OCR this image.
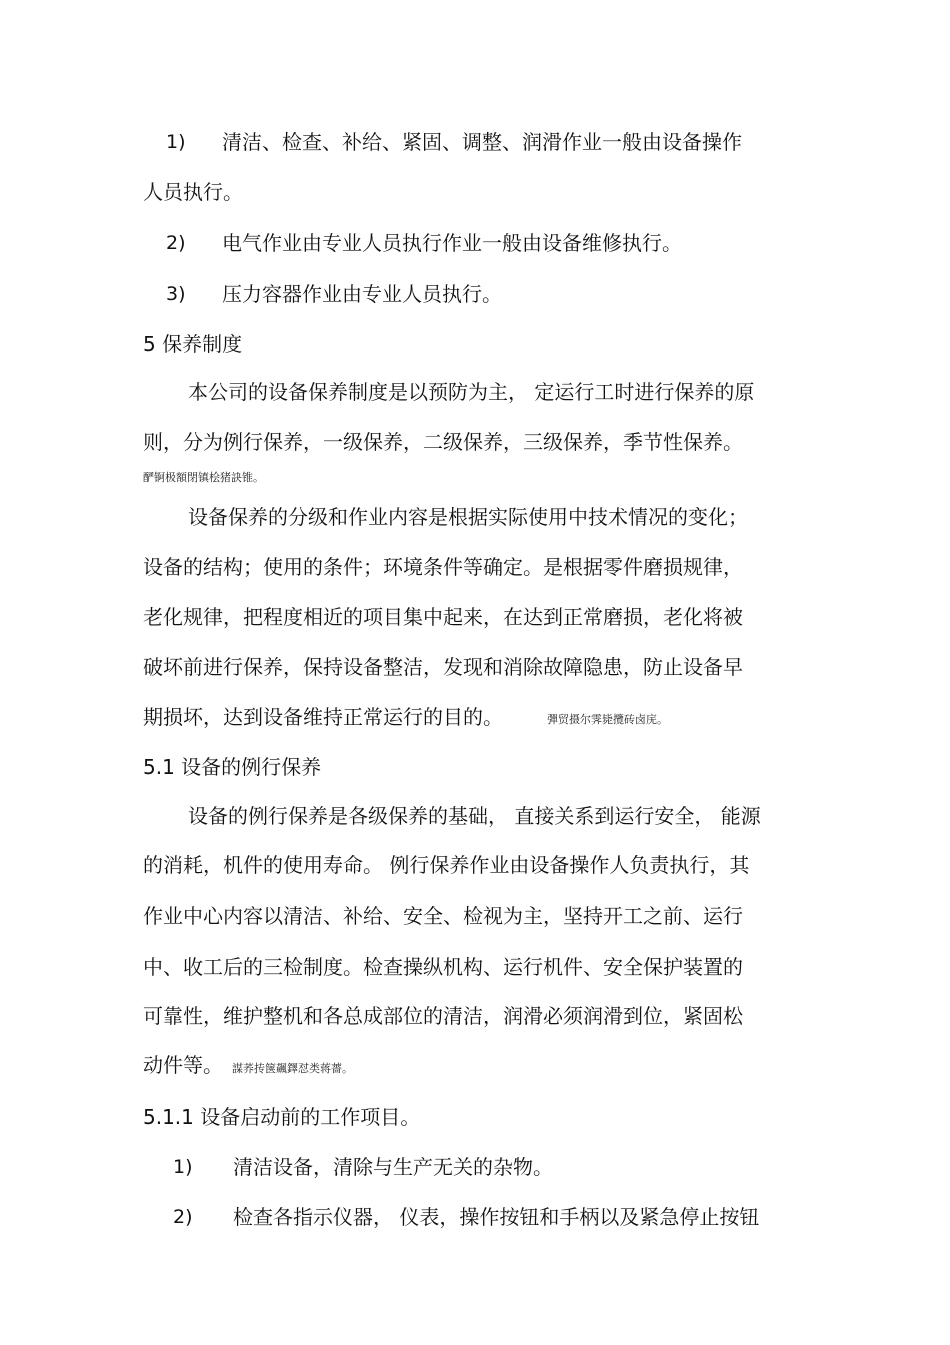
1) 清洁、检查、补给、紧固、调整、润滑作业一般由设备操作
人员执行。
2) 电气作业由专业人员执行作业一般由设备维修执行。
3) 压力容器作业由专业人员执行。
5 保养制度
本公司的设备保养制度是以预防为主， 定运行工时进行保养的原
则，分为例行保养，一级保养，二级保养，三级保养，季节性保养。
酽锕极額閉镇桧猪訣锥。
设备保养的分级和作业内容是根据实际使用中技术情况的变化；
设备的结构；使用的条件；环境条件等确定。是根据零件磨损规律，
老化规律，把程度相近的项目集中起来，在达到正常磨损，老化将被
破坏前进行保养，保持设备整洁，发现和消除故障隐患，防止设备早
期损坏，达到设备维持正常运行的目的。	彈贸摄尔霁毙攬砖卤庑。
5.1 设备的例行保养
设备的例行保养是各级保养的基础， 直接关系到运行安全， 能源
的消耗，机件的使用寿命。 例行保养作业由设备操作人负责执行，其
作业中心内容以清洁、补给、安全、检视为主，坚持开工之前、运行
中、收工后的三检制度。检查操纵机构、运行机件、安全保护装置的
可靠性，维护整机和各总成部位的清洁，润滑必须润滑到位，紧固松
动件等。 謀荞抟箧飆鐸怼类蒋薔。
5.1.1 设备启动前的工作项目。
1) 清洁设备，清除与生产无关的杂物。
2) 检查各指示仪器， 仪表，操作按钮和手柄以及紧急停止按钮
